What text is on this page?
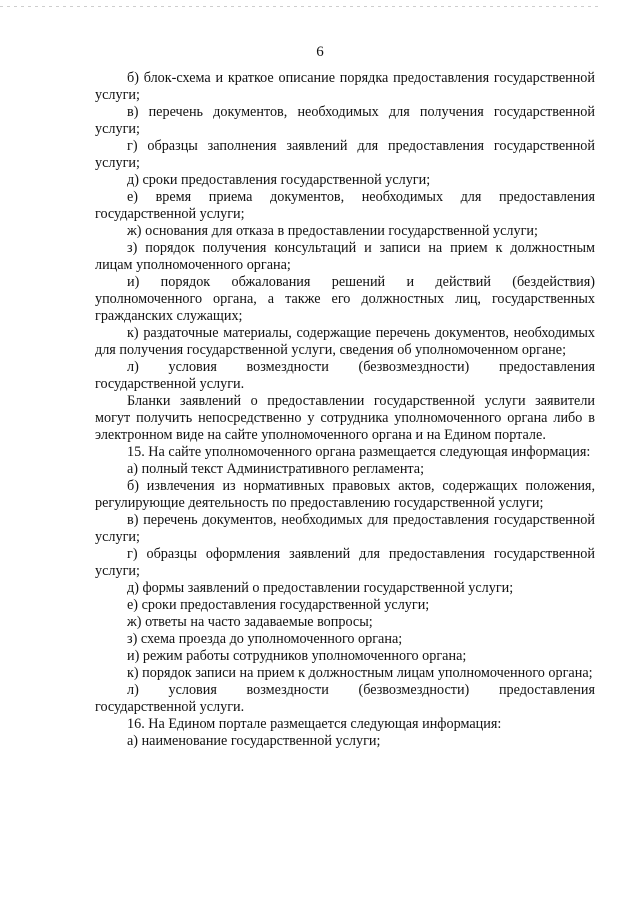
6

б) блок-схема и краткое описание порядка предоставления государственной услуги;

в) перечень документов, необходимых для получения государственной услуги;

г) образцы заполнения заявлений для предоставления государственной услуги;

д) сроки предоставления государственной услуги;

е) время приема документов, необходимых для предоставления государственной услуги;

ж) основания для отказа в предоставлении государственной услуги;

з) порядок получения консультаций и записи на прием к должностным лицам уполномоченного органа;

и) порядок обжалования решений и действий (бездействия) уполномоченного органа, а также его должностных лиц, государственных гражданских служащих;

к) раздаточные материалы, содержащие перечень документов, необходимых для получения государственной услуги, сведения об уполномоченном органе;

л) условия возмездности (безвозмездности) предоставления государственной услуги.

Бланки заявлений о предоставлении государственной услуги заявители могут получить непосредственно у сотрудника уполномоченного органа либо в электронном виде на сайте уполномоченного органа и на Едином портале.

15. На сайте уполномоченного органа размещается следующая информация:

а) полный текст Административного регламента;

б) извлечения из нормативных правовых актов, содержащих положения, регулирующие деятельность по предоставлению государственной услуги;

в) перечень документов, необходимых для предоставления государственной услуги;

г) образцы оформления заявлений для предоставления государственной услуги;

д) формы заявлений о предоставлении государственной услуги;

е) сроки предоставления государственной услуги;

ж) ответы на часто задаваемые вопросы;

з) схема проезда до уполномоченного органа;

и) режим работы сотрудников уполномоченного органа;

к) порядок записи на прием к должностным лицам уполномоченного органа;

л) условия возмездности (безвозмездности) предоставления государственной услуги.

16. На Едином портале размещается следующая информация:

а) наименование государственной услуги;
